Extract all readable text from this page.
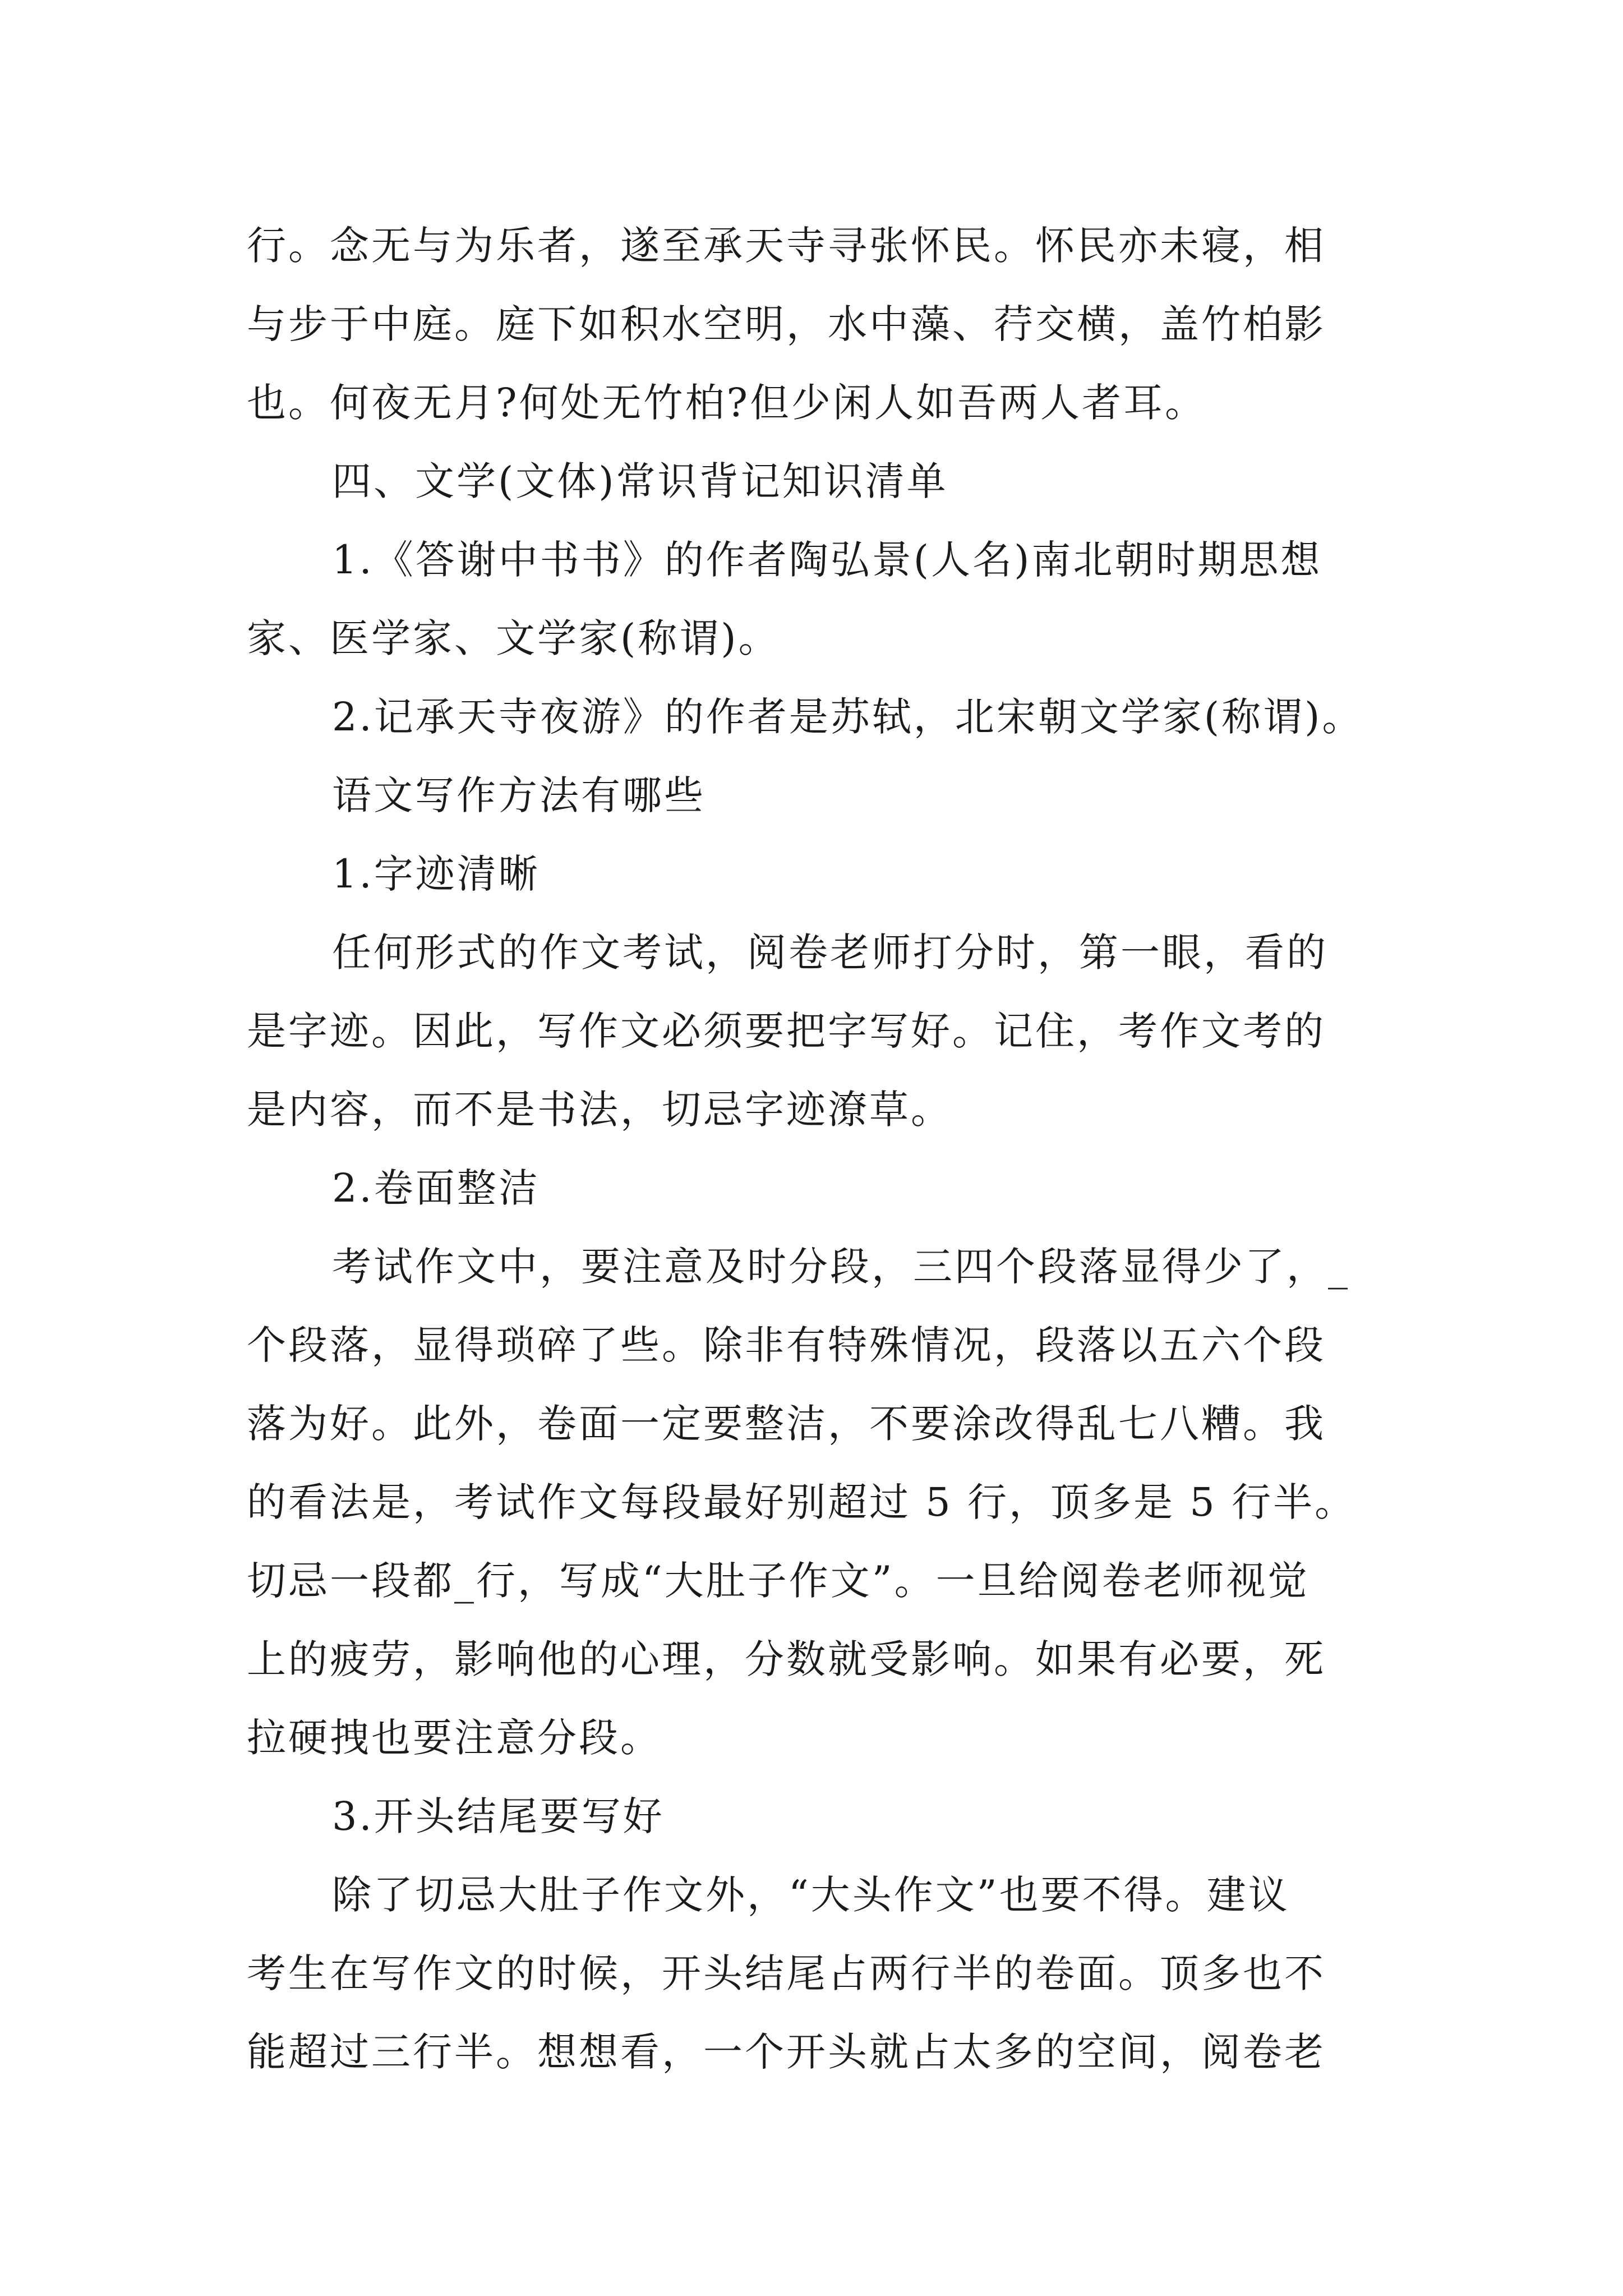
行。念无与为乐者，遂至承天寺寻张怀民。怀民亦未寝，相

与步于中庭。庭下如积水空明，水中藻、荇交横，盖竹柏影

也。何夜无月?何处无竹柏?但少闲人如吾两人者耳。

四、文学(文体)常识背记知识清单

1.《答谢中书书》的作者陶弘景(人名)南北朝时期思想

家、医学家、文学家(称谓)。

2.记承天寺夜游》的作者是苏轼，北宋朝文学家(称谓)。

语文写作方法有哪些

1.字迹清晰

任何形式的作文考试，阅卷老师打分时，第一眼，看的

是字迹。因此，写作文必须要把字写好。记住，考作文考的

是内容，而不是书法，切忌字迹潦草。

2.卷面整洁

考试作文中，要注意及时分段，三四个段落显得少了，_

个段落，显得琐碎了些。除非有特殊情况，段落以五六个段

落为好。此外，卷面一定要整洁，不要涂改得乱七八糟。我

的看法是，考试作文每段最好别超过 5 行，顶多是 5 行半。

切忌一段都_行，写成“大肚子作文”。一旦给阅卷老师视觉

上的疲劳，影响他的心理，分数就受影响。如果有必要，死

拉硬拽也要注意分段。

3.开头结尾要写好

除了切忌大肚子作文外，“大头作文”也要不得。建议

考生在写作文的时候，开头结尾占两行半的卷面。顶多也不

能超过三行半。想想看，一个开头就占太多的空间，阅卷老
